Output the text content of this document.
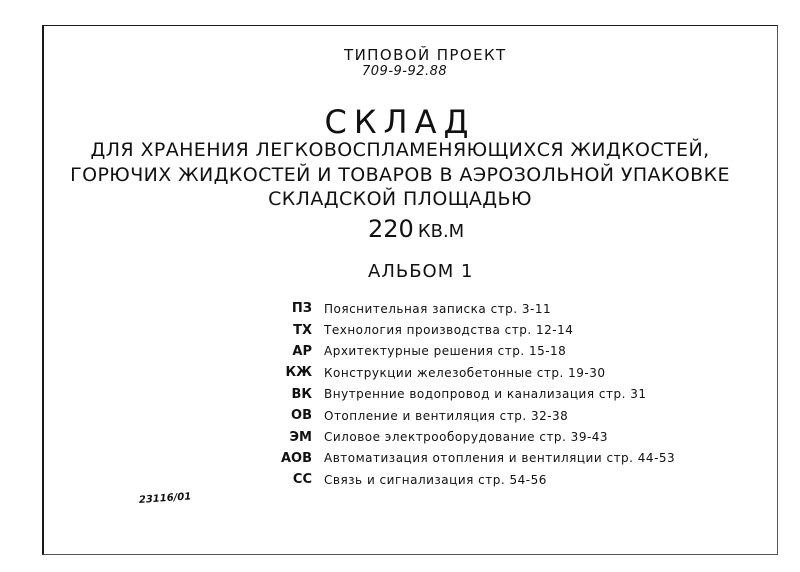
ТИПОВОЙ ПРОЕКТ
709-9-92.88
СКЛАД
ДЛЯ ХРАНЕНИЯ ЛЕГКОВОСПЛАМЕНЯЮЩИХСЯ ЖИДКОСТЕЙ,
ГОРЮЧИХ ЖИДКОСТЕЙ И ТОВАРОВ В АЭРОЗОЛЬНОЙ УПАКОВКЕ
СКЛАДСКОЙ ПЛОЩАДЬЮ
220 КВ.М
АЛЬБОМ 1
ПЗ Пояснительная записка стр. 3-11
ТХ Технология производства стр. 12-14
АР Архитектурные решения стр. 15-18
КЖ Конструкции железобетонные стр. 19-30
ВК Внутренние водопровод и канализация стр. 31
ОВ Отопление и вентиляция стр. 32-38
ЭМ Силовое электрооборудование стр. 39-43
АОВ Автоматизация отопления и вентиляции стр. 44-53
СС Связь и сигнализация стр. 54-56
23116/01
